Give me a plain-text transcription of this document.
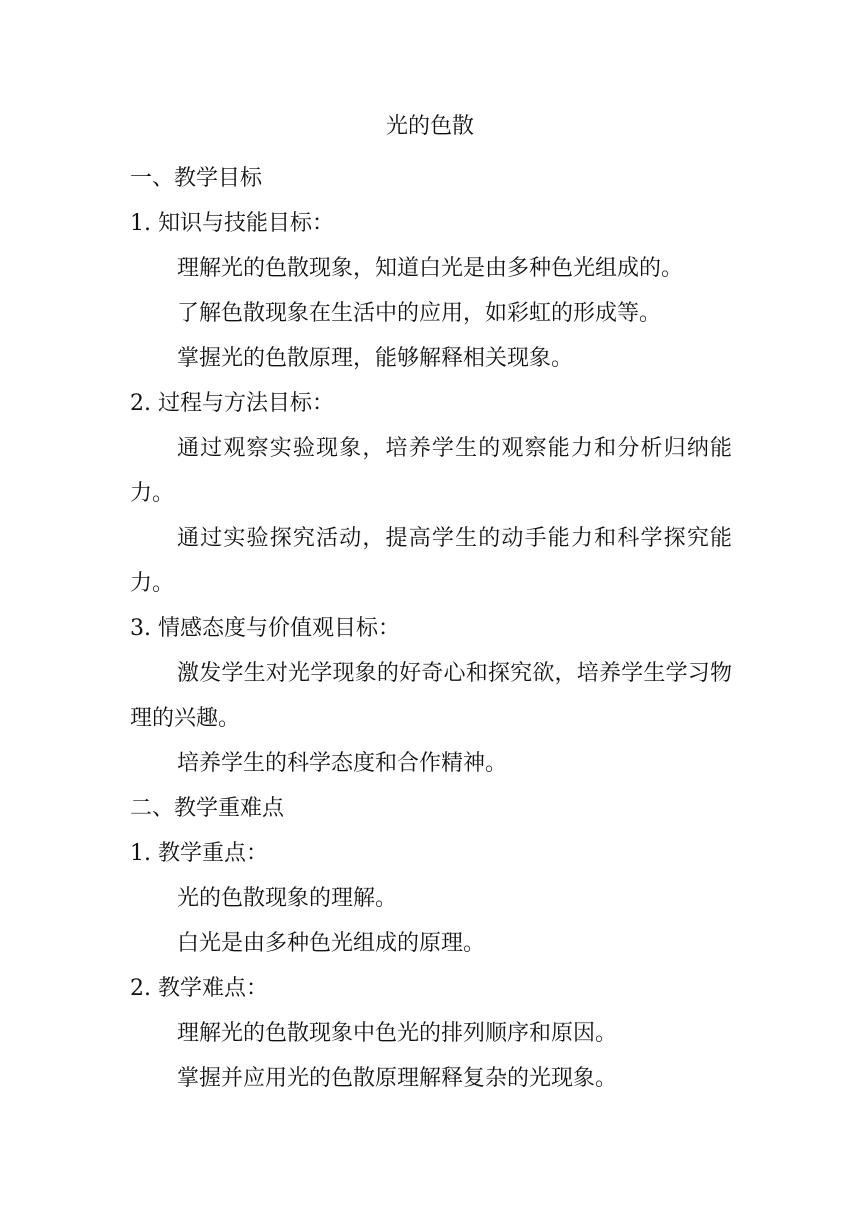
光的色散
一、教学目标
1. 知识与技能目标：
理解光的色散现象，知道白光是由多种色光组成的。
了解色散现象在生活中的应用，如彩虹的形成等。
掌握光的色散原理，能够解释相关现象。
2. 过程与方法目标：
通过观察实验现象，培养学生的观察能力和分析归纳能力。
通过实验探究活动，提高学生的动手能力和科学探究能力。
3. 情感态度与价值观目标：
激发学生对光学现象的好奇心和探究欲，培养学生学习物理的兴趣。
培养学生的科学态度和合作精神。
二、教学重难点
1. 教学重点：
光的色散现象的理解。
白光是由多种色光组成的原理。
2. 教学难点：
理解光的色散现象中色光的排列顺序和原因。
掌握并应用光的色散原理解释复杂的光现象。
